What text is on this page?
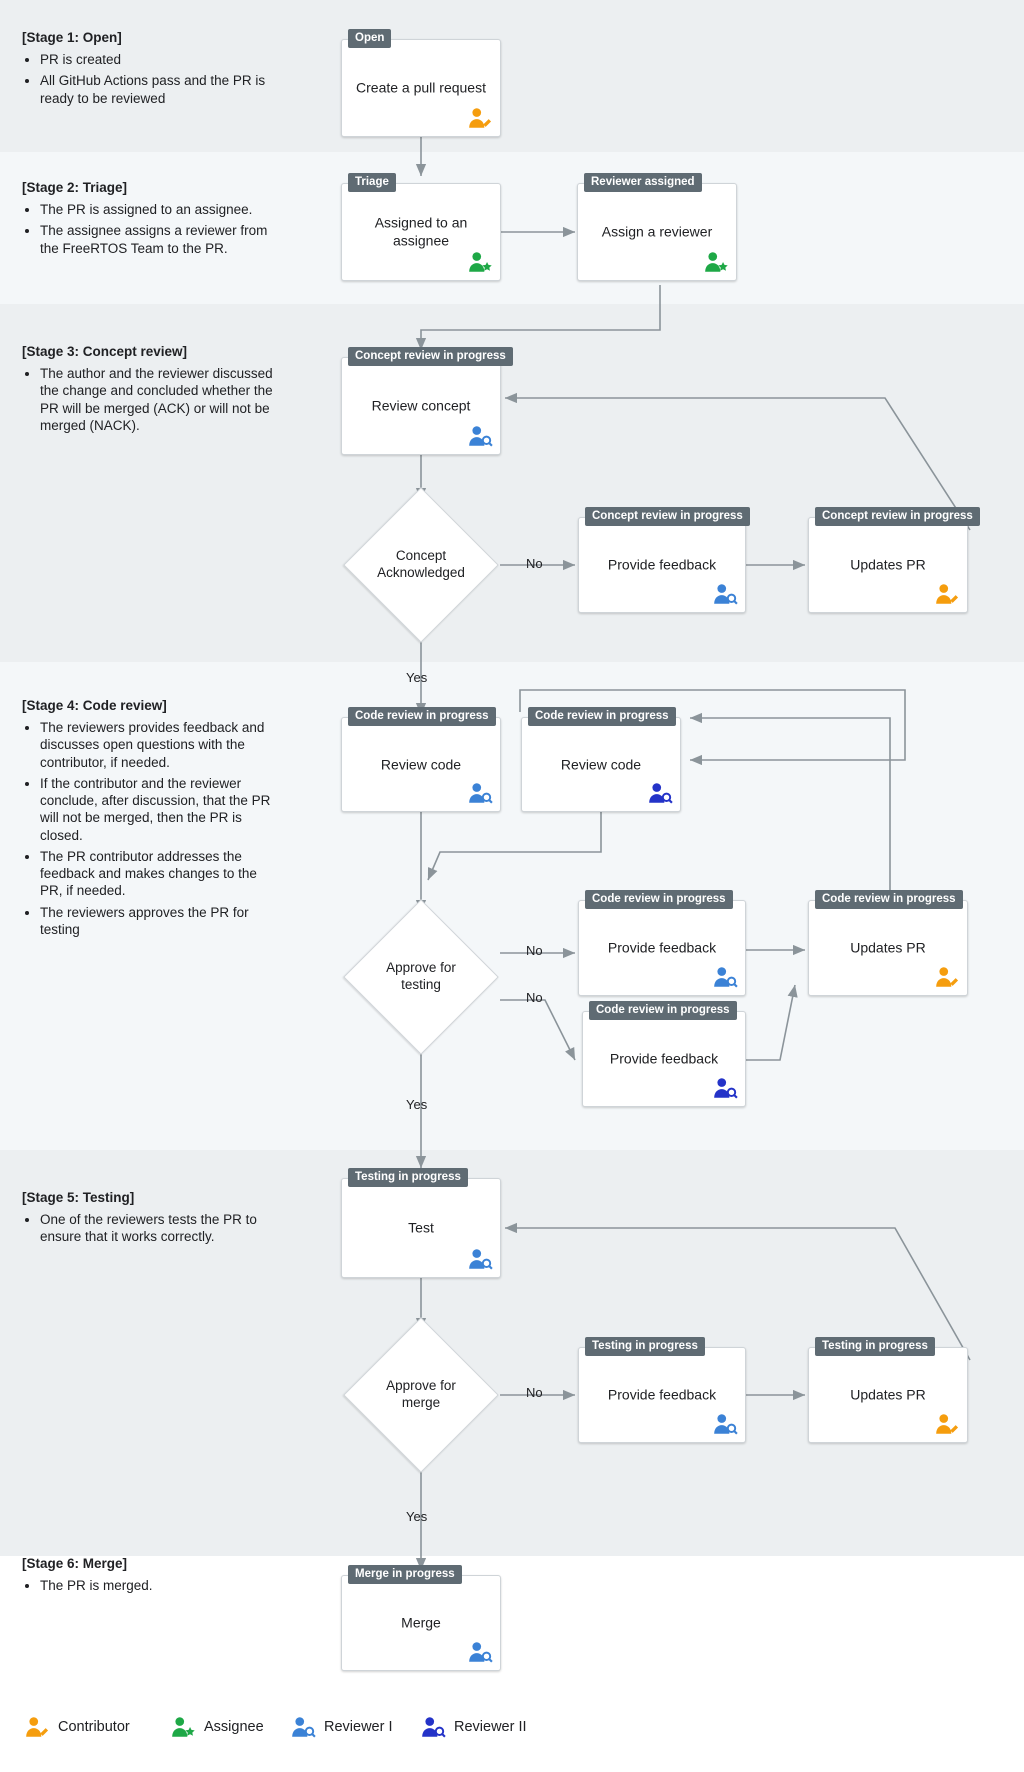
[Stage 1: Open]
• PR is created
• All GitHub Actions pass and the PR is ready to be reviewed
[Stage 2: Triage]
• The PR is assigned to an assignee.
• The assignee assigns a reviewer from the FreeRTOS Team to the PR.
[Stage 3: Concept review]
• The author and the reviewer discussed the change and concluded whether the PR will be merged (ACK) or will not be merged (NACK).
[Stage 4: Code review]
• The reviewers provides feedback and discusses open questions with the contributor, if needed.
• If the contributor and the reviewer conclude, after discussion, that the PR will not be merged, then the PR is closed.
• The PR contributor addresses the feedback and makes changes to the PR, if needed.
• The reviewers approves the PR for testing
[Stage 5: Testing]
• One of the reviewers tests the PR to ensure that it works correctly.
[Stage 6: Merge]
• The PR is merged.
Open
Create a pull request
Triage
Assigned to an assignee
Reviewer assigned
Assign a reviewer
Concept review in progress
Review concept
Concept review in progress
Provide feedback
Concept review in progress
Updates PR
Code review in progress
Review code
Code review in progress
Review code
Code review in progress
Provide feedback
Code review in progress
Provide feedback
Code review in progress
Updates PR
Testing in progress
Test
Testing in progress
Provide feedback
Testing in progress
Updates PR
Merge in progress
Merge
Concept Acknowledged
Approve for testing
Approve for merge
No
Yes
No
No
Yes
No
Yes
Contributor	Assignee	Reviewer I	Reviewer II
